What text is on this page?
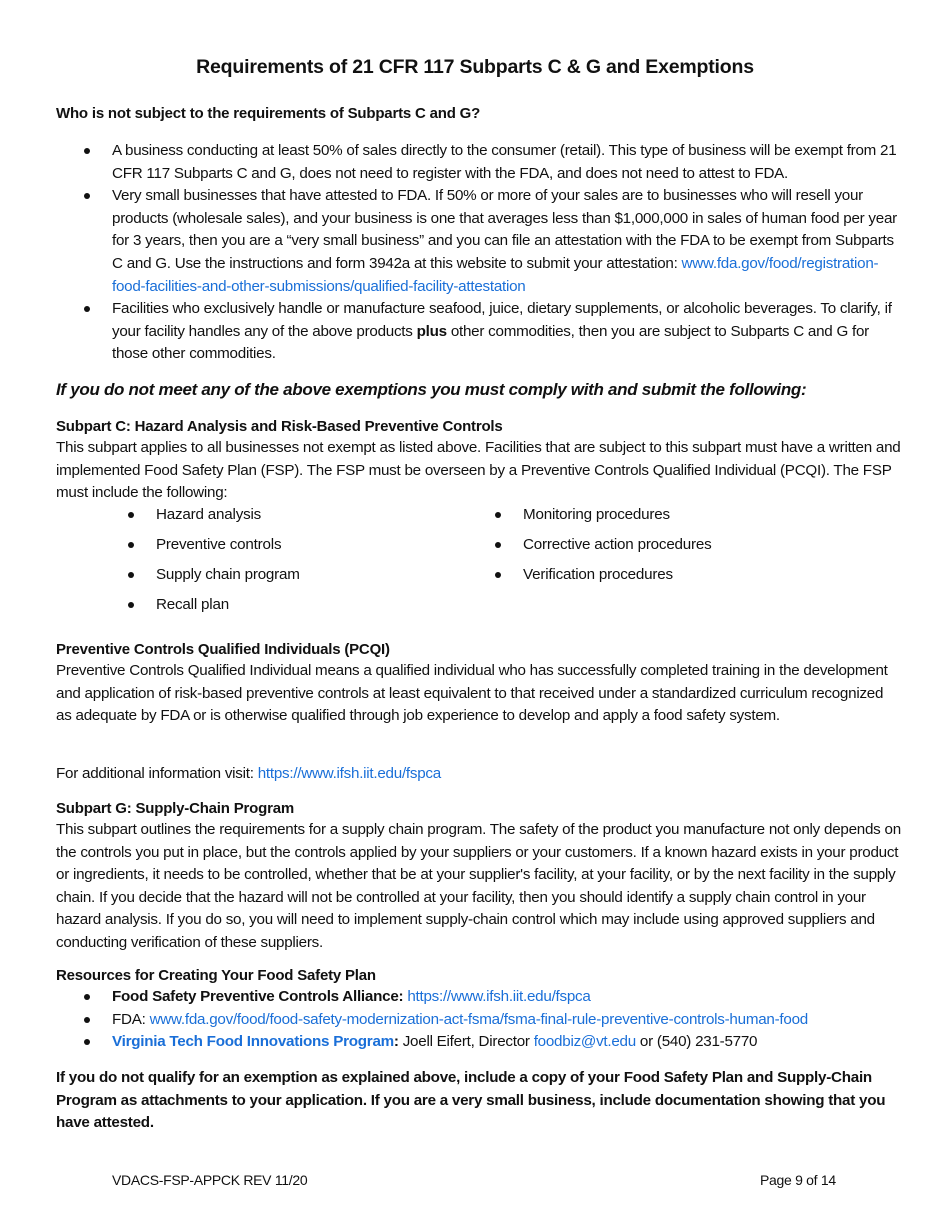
Requirements of 21 CFR 117 Subparts C & G and Exemptions
Who is not subject to the requirements of Subparts C and G?
A business conducting at least 50% of sales directly to the consumer (retail). This type of business will be exempt from 21 CFR 117 Subparts C and G, does not need to register with the FDA, and does not need to attest to FDA.
Very small businesses that have attested to FDA. If 50% or more of your sales are to businesses who will resell your products (wholesale sales), and your business is one that averages less than $1,000,000 in sales of human food per year for 3 years, then you are a “very small business” and you can file an attestation with the FDA to be exempt from Subparts C and G. Use the instructions and form 3942a at this website to submit your attestation: www.fda.gov/food/registration-food-facilities-and-other-submissions/qualified-facility-attestation
Facilities who exclusively handle or manufacture seafood, juice, dietary supplements, or alcoholic beverages. To clarify, if your facility handles any of the above products plus other commodities, then you are subject to Subparts C and G for those other commodities.
If you do not meet any of the above exemptions you must comply with and submit the following:
Subpart C: Hazard Analysis and Risk-Based Preventive Controls
This subpart applies to all businesses not exempt as listed above. Facilities that are subject to this subpart must have a written and implemented Food Safety Plan (FSP). The FSP must be overseen by a Preventive Controls Qualified Individual (PCQI). The FSP must include the following:
Hazard analysis
Preventive controls
Supply chain program
Recall plan
Monitoring procedures
Corrective action procedures
Verification procedures
Preventive Controls Qualified Individuals (PCQI)
Preventive Controls Qualified Individual means a qualified individual who has successfully completed training in the development and application of risk-based preventive controls at least equivalent to that received under a standardized curriculum recognized as adequate by FDA or is otherwise qualified through job experience to develop and apply a food safety system.
For additional information visit: https://www.ifsh.iit.edu/fspca
Subpart G: Supply-Chain Program
This subpart outlines the requirements for a supply chain program. The safety of the product you manufacture not only depends on the controls you put in place, but the controls applied by your suppliers or your customers. If a known hazard exists in your product or ingredients, it needs to be controlled, whether that be at your supplier's facility, at your facility, or by the next facility in the supply chain. If you decide that the hazard will not be controlled at your facility, then you should identify a supply chain control in your hazard analysis. If you do so, you will need to implement supply-chain control which may include using approved suppliers and conducting verification of these suppliers.
Resources for Creating Your Food Safety Plan
Food Safety Preventive Controls Alliance: https://www.ifsh.iit.edu/fspca
FDA: www.fda.gov/food/food-safety-modernization-act-fsma/fsma-final-rule-preventive-controls-human-food
Virginia Tech Food Innovations Program: Joell Eifert, Director foodbiz@vt.edu or (540) 231-5770
If you do not qualify for an exemption as explained above, include a copy of your Food Safety Plan and Supply-Chain Program as attachments to your application. If you are a very small business, include documentation showing that you have attested.
VDACS-FSP-APPCK REV 11/20	Page 9 of 14
